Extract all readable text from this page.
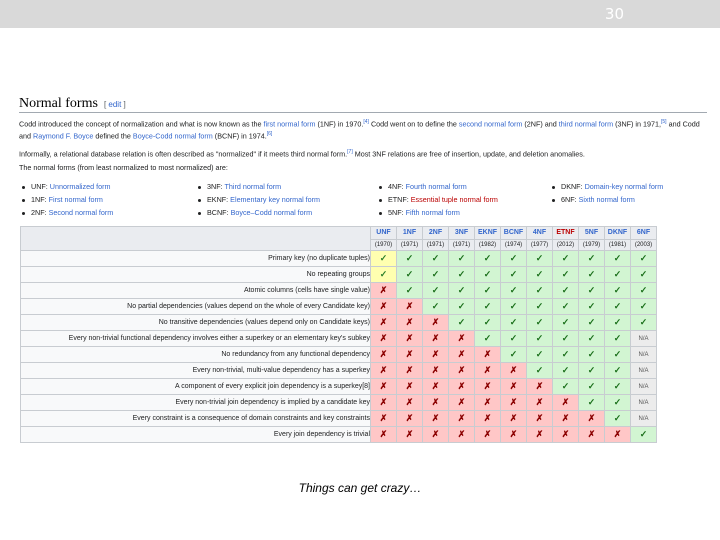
30
Normal forms [ edit ]
Codd introduced the concept of normalization and what is now known as the first normal form (1NF) in 1970.[4] Codd went on to define the second normal form (2NF) and third normal form (3NF) in 1971,[5] and Codd and Raymond F. Boyce defined the Boyce-Codd normal form (BCNF) in 1974.[6]
Informally, a relational database relation is often described as "normalized" if it meets third normal form.[7] Most 3NF relations are free of insertion, update, and deletion anomalies.
The normal forms (from least normalized to most normalized) are:
UNF: Unnormalized form
1NF: First normal form
2NF: Second normal form
3NF: Third normal form
EKNF: Elementary key normal form
BCNF: Boyce–Codd normal form
4NF: Fourth normal form
ETNF: Essential tuple normal form
5NF: Fifth normal form
DKNF: Domain-key normal form
6NF: Sixth normal form
	UNF	1NF	2NF	3NF	EKNF	BCNF	4NF	ETNF	5NF	DKNF	6NF
	(1970)	(1971)	(1971)	(1971)	(1982)	(1974)	(1977)	(2012)	(1979)	(1981)	(2003)
Primary key (no duplicate tuples)	✓	✓	✓	✓	✓	✓	✓	✓	✓	✓	✓
No repeating groups	✓	✓	✓	✓	✓	✓	✓	✓	✓	✓	✓
Atomic columns (cells have single value)	✗	✓	✓	✓	✓	✓	✓	✓	✓	✓	✓
No partial dependencies (values depend on the whole of every Candidate key)	✗	✗	✓	✓	✓	✓	✓	✓	✓	✓	✓
No transitive dependencies (values depend only on Candidate keys)	✗	✗	✗	✓	✓	✓	✓	✓	✓	✓	✓
Every non-trivial functional dependency involves either a superkey or an elementary key's subkey	✗	✗	✗	✗	✓	✓	✓	✓	✓	✓	N/A
No redundancy from any functional dependency	✗	✗	✗	✗	✗	✓	✓	✓	✓	✓	N/A
Every non-trivial, multi-value dependency has a superkey	✗	✗	✗	✗	✗	✗	✓	✓	✓	✓	N/A
A component of every explicit join dependency is a superkey[8]	✗	✗	✗	✗	✗	✗	✗	✓	✓	✓	N/A
Every non-trivial join dependency is implied by a candidate key	✗	✗	✗	✗	✗	✗	✗	✗	✓	✓	N/A
Every constraint is a consequence of domain constraints and key constraints	✗	✗	✗	✗	✗	✗	✗	✗	✗	✓	N/A
Every join dependency is trivial	✗	✗	✗	✗	✗	✗	✗	✗	✗	✗	✓
Things can get crazy…
